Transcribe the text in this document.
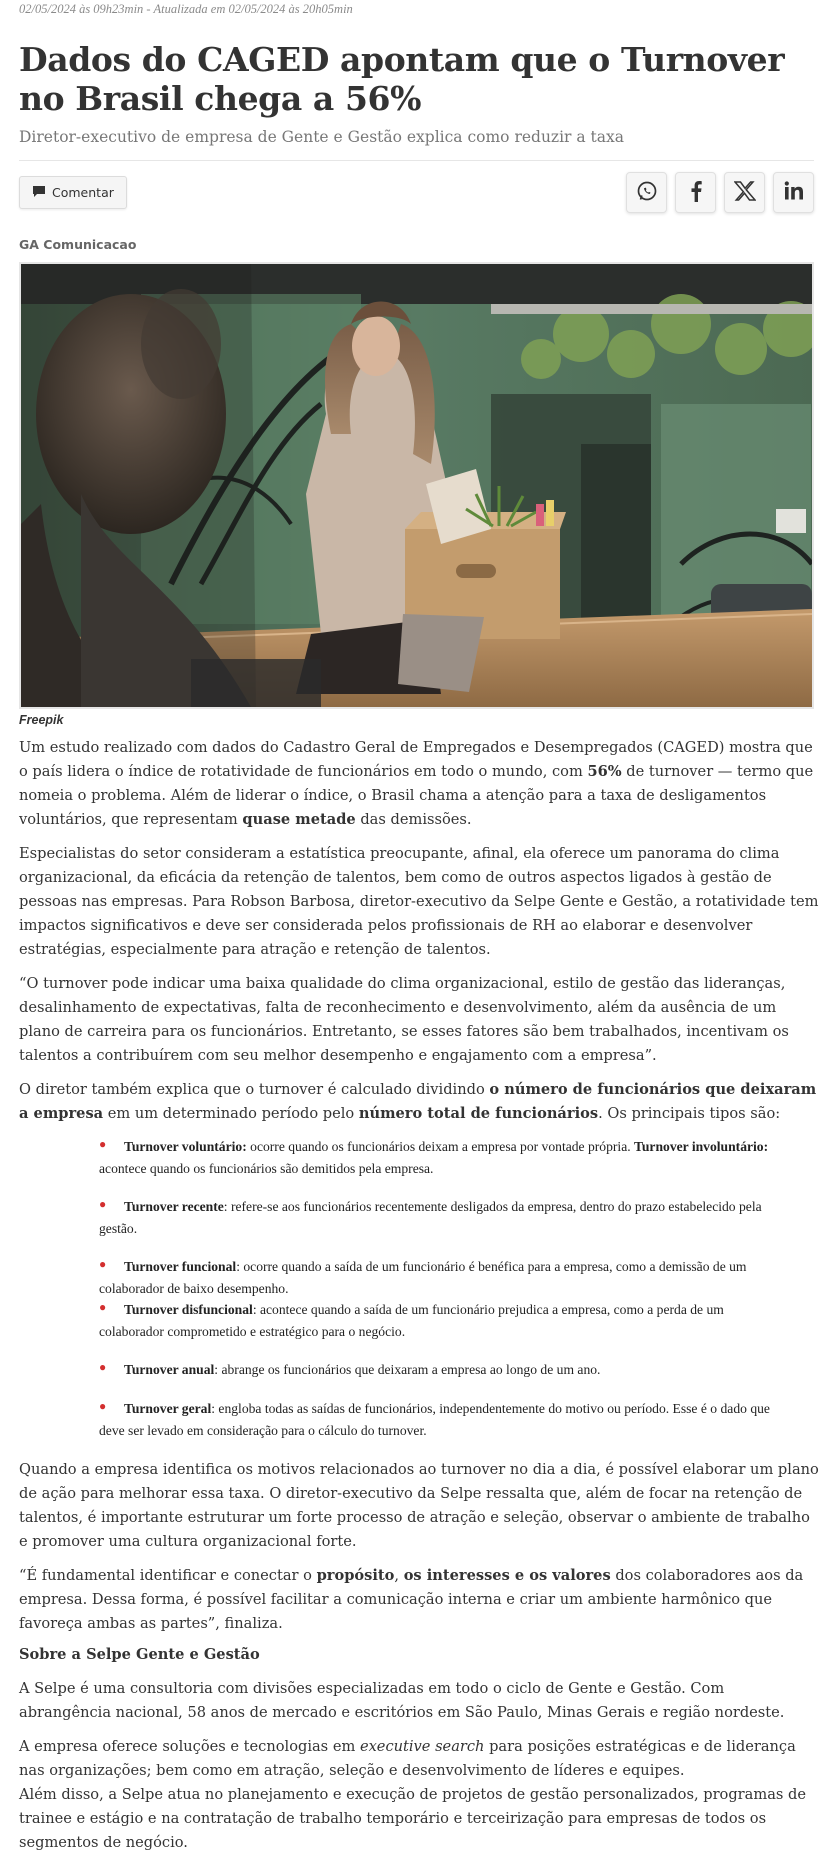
02/05/2024 às 09h23min - Atualizada em 02/05/2024 às 20h05min
Dados do CAGED apontam que o Turnover no Brasil chega a 56%
Diretor-executivo de empresa de Gente e Gestão explica como reduzir a taxa
Comentar
GA Comunicacao
Freepik

Um estudo realizado com dados do Cadastro Geral de Empregados e Desempregados (CAGED) mostra que o país lidera o índice de rotatividade de funcionários em todo o mundo, com 56% de turnover — termo que nomeia o problema. Além de liderar o índice, o Brasil chama a atenção para a taxa de desligamentos voluntários, que representam quase metade das demissões.

Especialistas do setor consideram a estatística preocupante, afinal, ela oferece um panorama do clima organizacional, da eficácia da retenção de talentos, bem como de outros aspectos ligados à gestão de pessoas nas empresas. Para Robson Barbosa, diretor-executivo da Selpe Gente e Gestão, a rotatividade tem impactos significativos e deve ser considerada pelos profissionais de RH ao elaborar e desenvolver estratégias, especialmente para atração e retenção de talentos.

“O turnover pode indicar uma baixa qualidade do clima organizacional, estilo de gestão das lideranças, desalinhamento de expectativas, falta de reconhecimento e desenvolvimento, além da ausência de um plano de carreira para os funcionários. Entretanto, se esses fatores são bem trabalhados, incentivam os talentos a contribuírem com seu melhor desempenho e engajamento com a empresa”.

O diretor também explica que o turnover é calculado dividindo o número de funcionários que deixaram a empresa em um determinado período pelo número total de funcionários. Os principais tipos são:

● Turnover voluntário: ocorre quando os funcionários deixam a empresa por vontade própria. Turnover involuntário: acontece quando os funcionários são demitidos pela empresa.
● Turnover recente: refere-se aos funcionários recentemente desligados da empresa, dentro do prazo estabelecido pela gestão.
● Turnover funcional: ocorre quando a saída de um funcionário é benéfica para a empresa, como a demissão de um colaborador de baixo desempenho.
● Turnover disfuncional: acontece quando a saída de um funcionário prejudica a empresa, como a perda de um colaborador comprometido e estratégico para o negócio.
● Turnover anual: abrange os funcionários que deixaram a empresa ao longo de um ano.
● Turnover geral: engloba todas as saídas de funcionários, independentemente do motivo ou período. Esse é o dado que deve ser levado em consideração para o cálculo do turnover.

Quando a empresa identifica os motivos relacionados ao turnover no dia a dia, é possível elaborar um plano de ação para melhorar essa taxa. O diretor-executivo da Selpe ressalta que, além de focar na retenção de talentos, é importante estruturar um forte processo de atração e seleção, observar o ambiente de trabalho e promover uma cultura organizacional forte.

“É fundamental identificar e conectar o propósito, os interesses e os valores dos colaboradores aos da empresa. Dessa forma, é possível facilitar a comunicação interna e criar um ambiente harmônico que favoreça ambas as partes”, finaliza.

Sobre a Selpe Gente e Gestão

A Selpe é uma consultoria com divisões especializadas em todo o ciclo de Gente e Gestão. Com abrangência nacional, 58 anos de mercado e escritórios em São Paulo, Minas Gerais e região nordeste.

A empresa oferece soluções e tecnologias em executive search para posições estratégicas e de liderança nas organizações; bem como em atração, seleção e desenvolvimento de líderes e equipes.
Além disso, a Selpe atua no planejamento e execução de projetos de gestão personalizados, programas de trainee e estágio e na contratação de trabalho temporário e terceirização para empresas de todos os segmentos de negócio.
